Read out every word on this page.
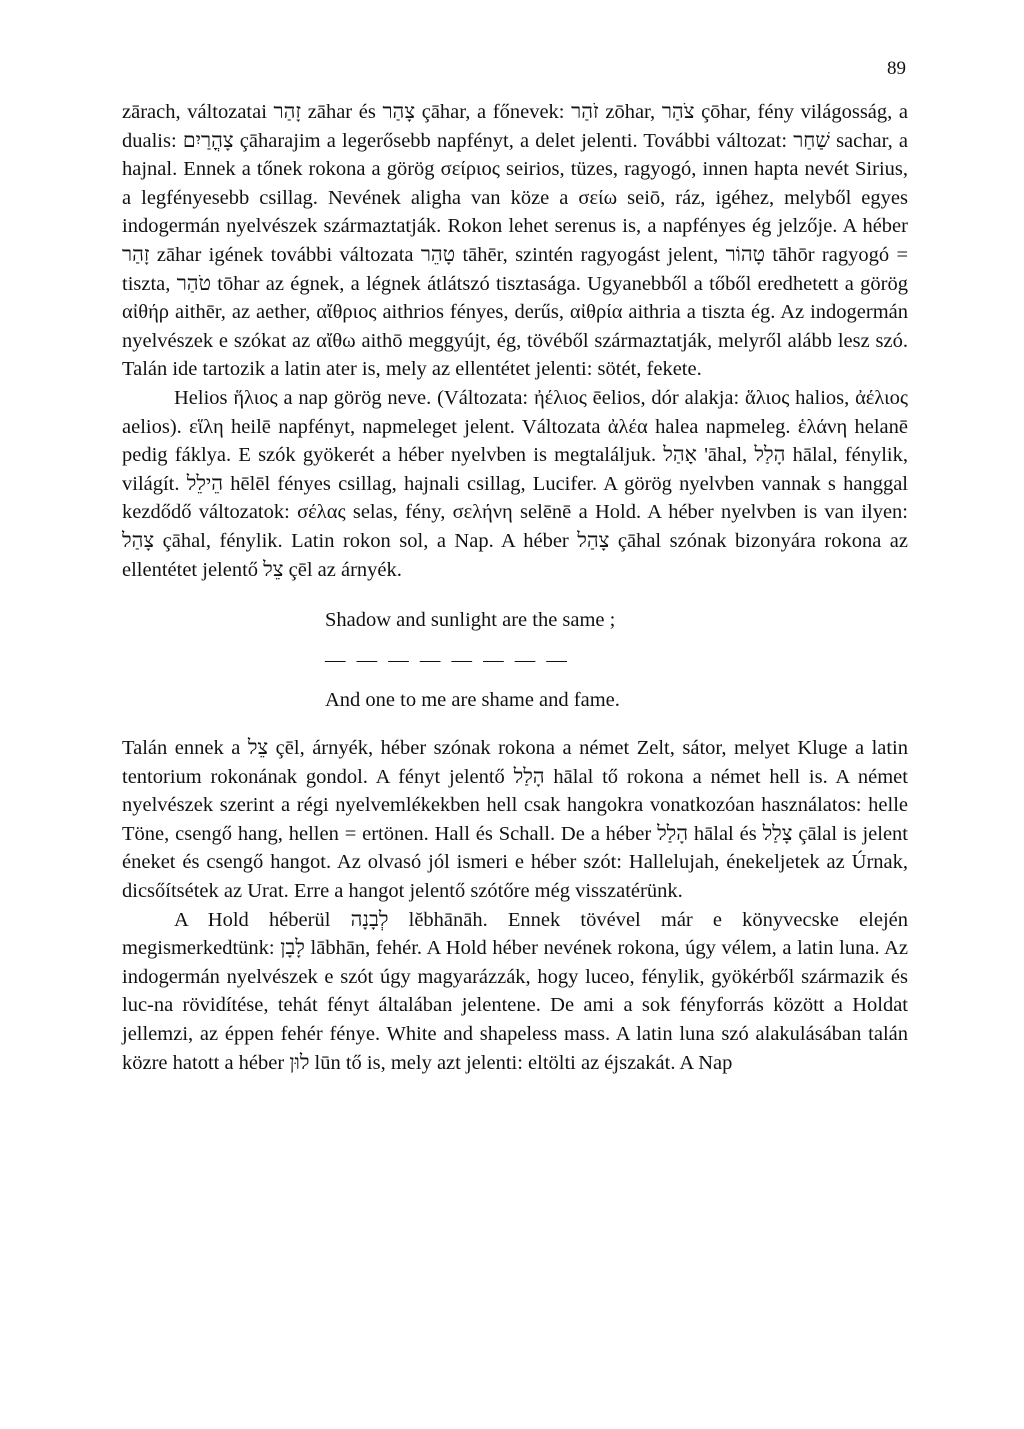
89

zārach, változatai זָהַר zāhar és צָהַר çāhar, a főnevek: זֹהַר zōhar, צֹהַר çōhar, fény világosság, a dualis: צָהֳרַיִם çāharajim a legerősebb napfényt, a delet jelenti. További változat: שַׁחַר sachar, a hajnal. Ennek a tőnek rokona a görög σείριος seirios, tüzes, ragyogó, innen hapta nevét Sirius, a legfényesebb csillag. Nevének aligha van köze a σείω seiō, ráz, igéhez, melyből egyes indogermán nyelvészek származtatják. Rokon lehet serenus is, a napfényes ég jelzője. A héber זָהַר zāhar igének további változata טָהֵר tāhēr, szintén ragyogást jelent, טָהוֹר tāhōr ragyogó = tiszta, טֹהַר tōhar az égnek, a légnek átlátszó tisztasága. Ugyanebből a tőből eredhetett a görög αἰθήρ aithēr, az aether, αἴθριος aithrios fényes, derűs, αἰθρία aithria a tiszta ég. Az indogermán nyelvészek e szókat az αἴθω aithō meggyújt, ég, tövéből származtatják, melyről alább lesz szó. Talán ide tartozik a latin ater is, mely az ellentétet jelenti: sötét, fekete.

Helios ἥλιος a nap görög neve. (Változata: ἠέλιος ēelios, dór alakja: ἅλιος halios, ἀέλιος aelios). εἵλη heilē napfényt, napmeleget jelent. Változata ἀλέα halea napmeleg. ἑλάνη helanē pedig fáklya. E szók gyökerét a héber nyelvben is megtaláljuk. אָהַל 'āhal, הָלַל hālal, fénylik, világít. הֵילֵל hēlēl fényes csillag, hajnali csillag, Lucifer. A görög nyelvben vannak s hanggal kezdődő változatok: σέλας selas, fény, σελήνη selēnē a Hold. A héber nyelvben is van ilyen: צָהַל çāhal, fénylik. Latin rokon sol, a Nap. A héber צָהַל çāhal szónak bizonyára rokona az ellentétet jelentő צֵל çēl az árnyék.

Shadow and sunlight are the same ;
— — — — — — — —
And one to me are shame and fame.

Talán ennek a צֵל çēl, árnyék, héber szónak rokona a német Zelt, sátor, melyet Kluge a latin tentorium rokonának gondol. A fényt jelentő הָלַל hālal tő rokona a német hell is. A német nyelvészek szerint a régi nyelvemlékekben hell csak hangokra vonatkozóan használatos: helle Töne, csengő hang, hellen = ertönen. Hall és Schall. De a héber הָלַל hālal és צָלַל çālal is jelent éneket és csengő hangot. Az olvasó jól ismeri e héber szót: Hallelujah, énekeljetek az Úrnak, dicsőítsétek az Urat. Erre a hangot jelentő szótőre még visszatérünk.

A Hold héberül לְבָנָה lĕbhānāh. Ennek tövével már e könyvecske elején megismerkedtünk: לָבָן lābhān, fehér. A Hold héber nevének rokona, úgy vélem, a latin luna. Az indogermán nyelvészek e szót úgy magyarázzák, hogy luceo, fénylik, gyökérből származik és luc-na rövidítése, tehát fényt általában jelentene. De ami a sok fényforrás között a Holdat jellemzi, az éppen fehér fénye. White and shapeless mass. A latin luna szó alakulásában talán közre hatott a héber לוּן lūn tő is, mely azt jelenti: eltölti az éjszakát. A Nap
